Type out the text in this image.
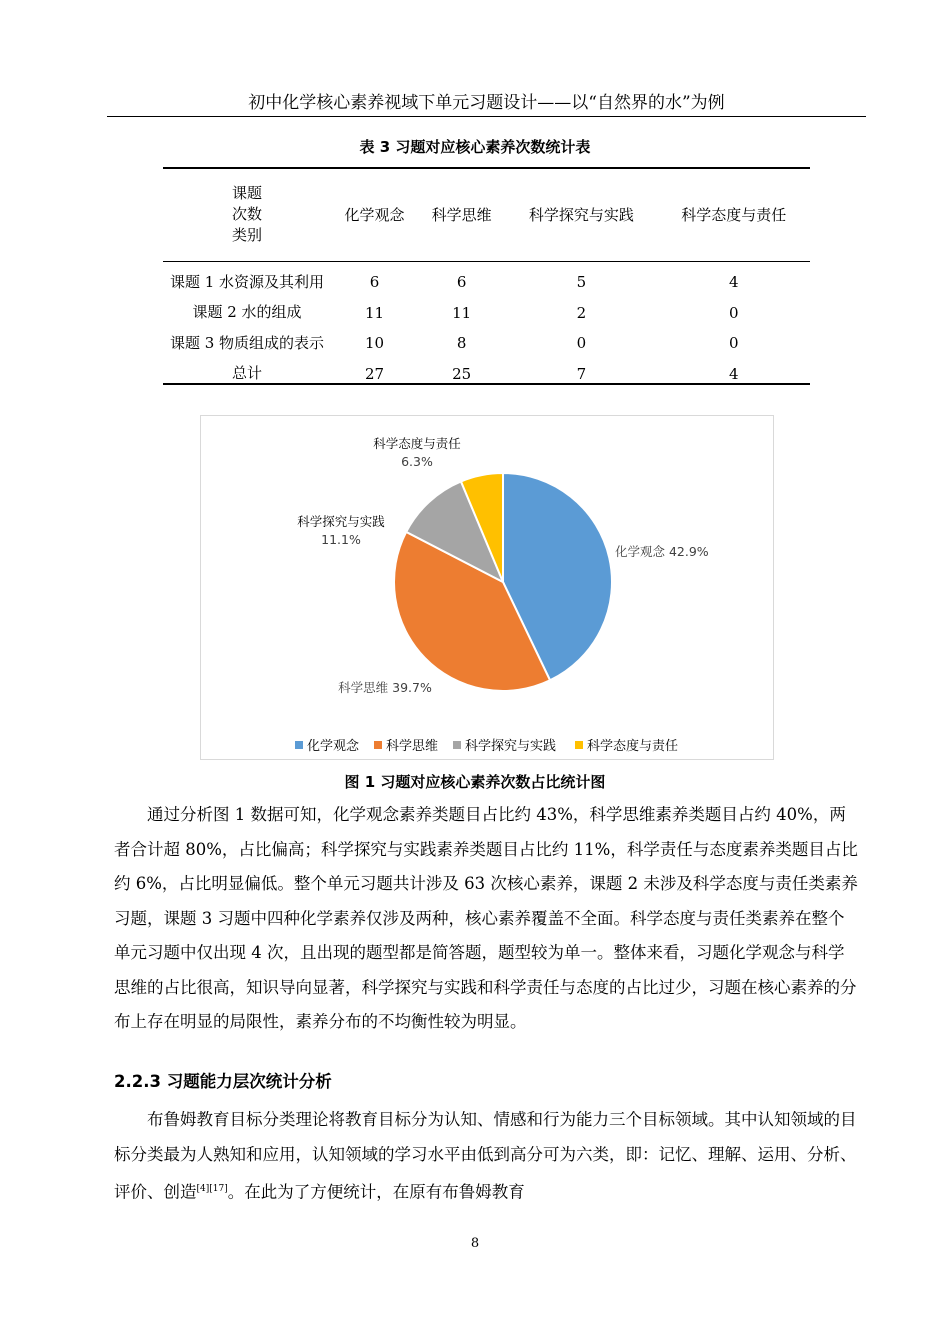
初中化学核心素养视域下单元习题设计——以“自然界的水”为例
表 3 习题对应核心素养次数统计表
课题
次数
类别	化学观念	科学思维	科学探究与实践	科学态度与责任
课题 1 水资源及其利用	6	6	5	4
课题 2 水的组成	11	11	2	0
课题 3 物质组成的表示	10	8	0	0
总计	27	25	7	4
化学观念 42.9%
科学思维 39.7%
科学探究与实践
11.1%
科学态度与责任
6.3%
化学观念 科学思维 科学探究与实践 科学态度与责任
图 1 习题对应核心素养次数占比统计图
通过分析图 1 数据可知，化学观念素养类题目占比约 43%，科学思维素养类题目占约 40%，两者合计超 80%，占比偏高；科学探究与实践素养类题目占比约 11%，科学责任与态度素养类题目占比约 6%，占比明显偏低。整个单元习题共计涉及 63 次核心素养，课题 2 未涉及科学态度与责任类素养习题，课题 3 习题中四种化学素养仅涉及两种，核心素养覆盖不全面。科学态度与责任类素养在整个单元习题中仅出现 4 次，且出现的题型都是简答题，题型较为单一。整体来看，习题化学观念与科学思维的占比很高，知识导向显著，科学探究与实践和科学责任与态度的占比过少，习题在核心素养的分布上存在明显的局限性，素养分布的不均衡性较为明显。
2.2.3 习题能力层次统计分析
布鲁姆教育目标分类理论将教育目标分为认知、情感和行为能力三个目标领域。其中认知领域的目标分类最为人熟知和应用，认知领域的学习水平由低到高分可为六类，即：记忆、理解、运用、分析、评价、创造[4][17]。在此为了方便统计，在原有布鲁姆教育
8
